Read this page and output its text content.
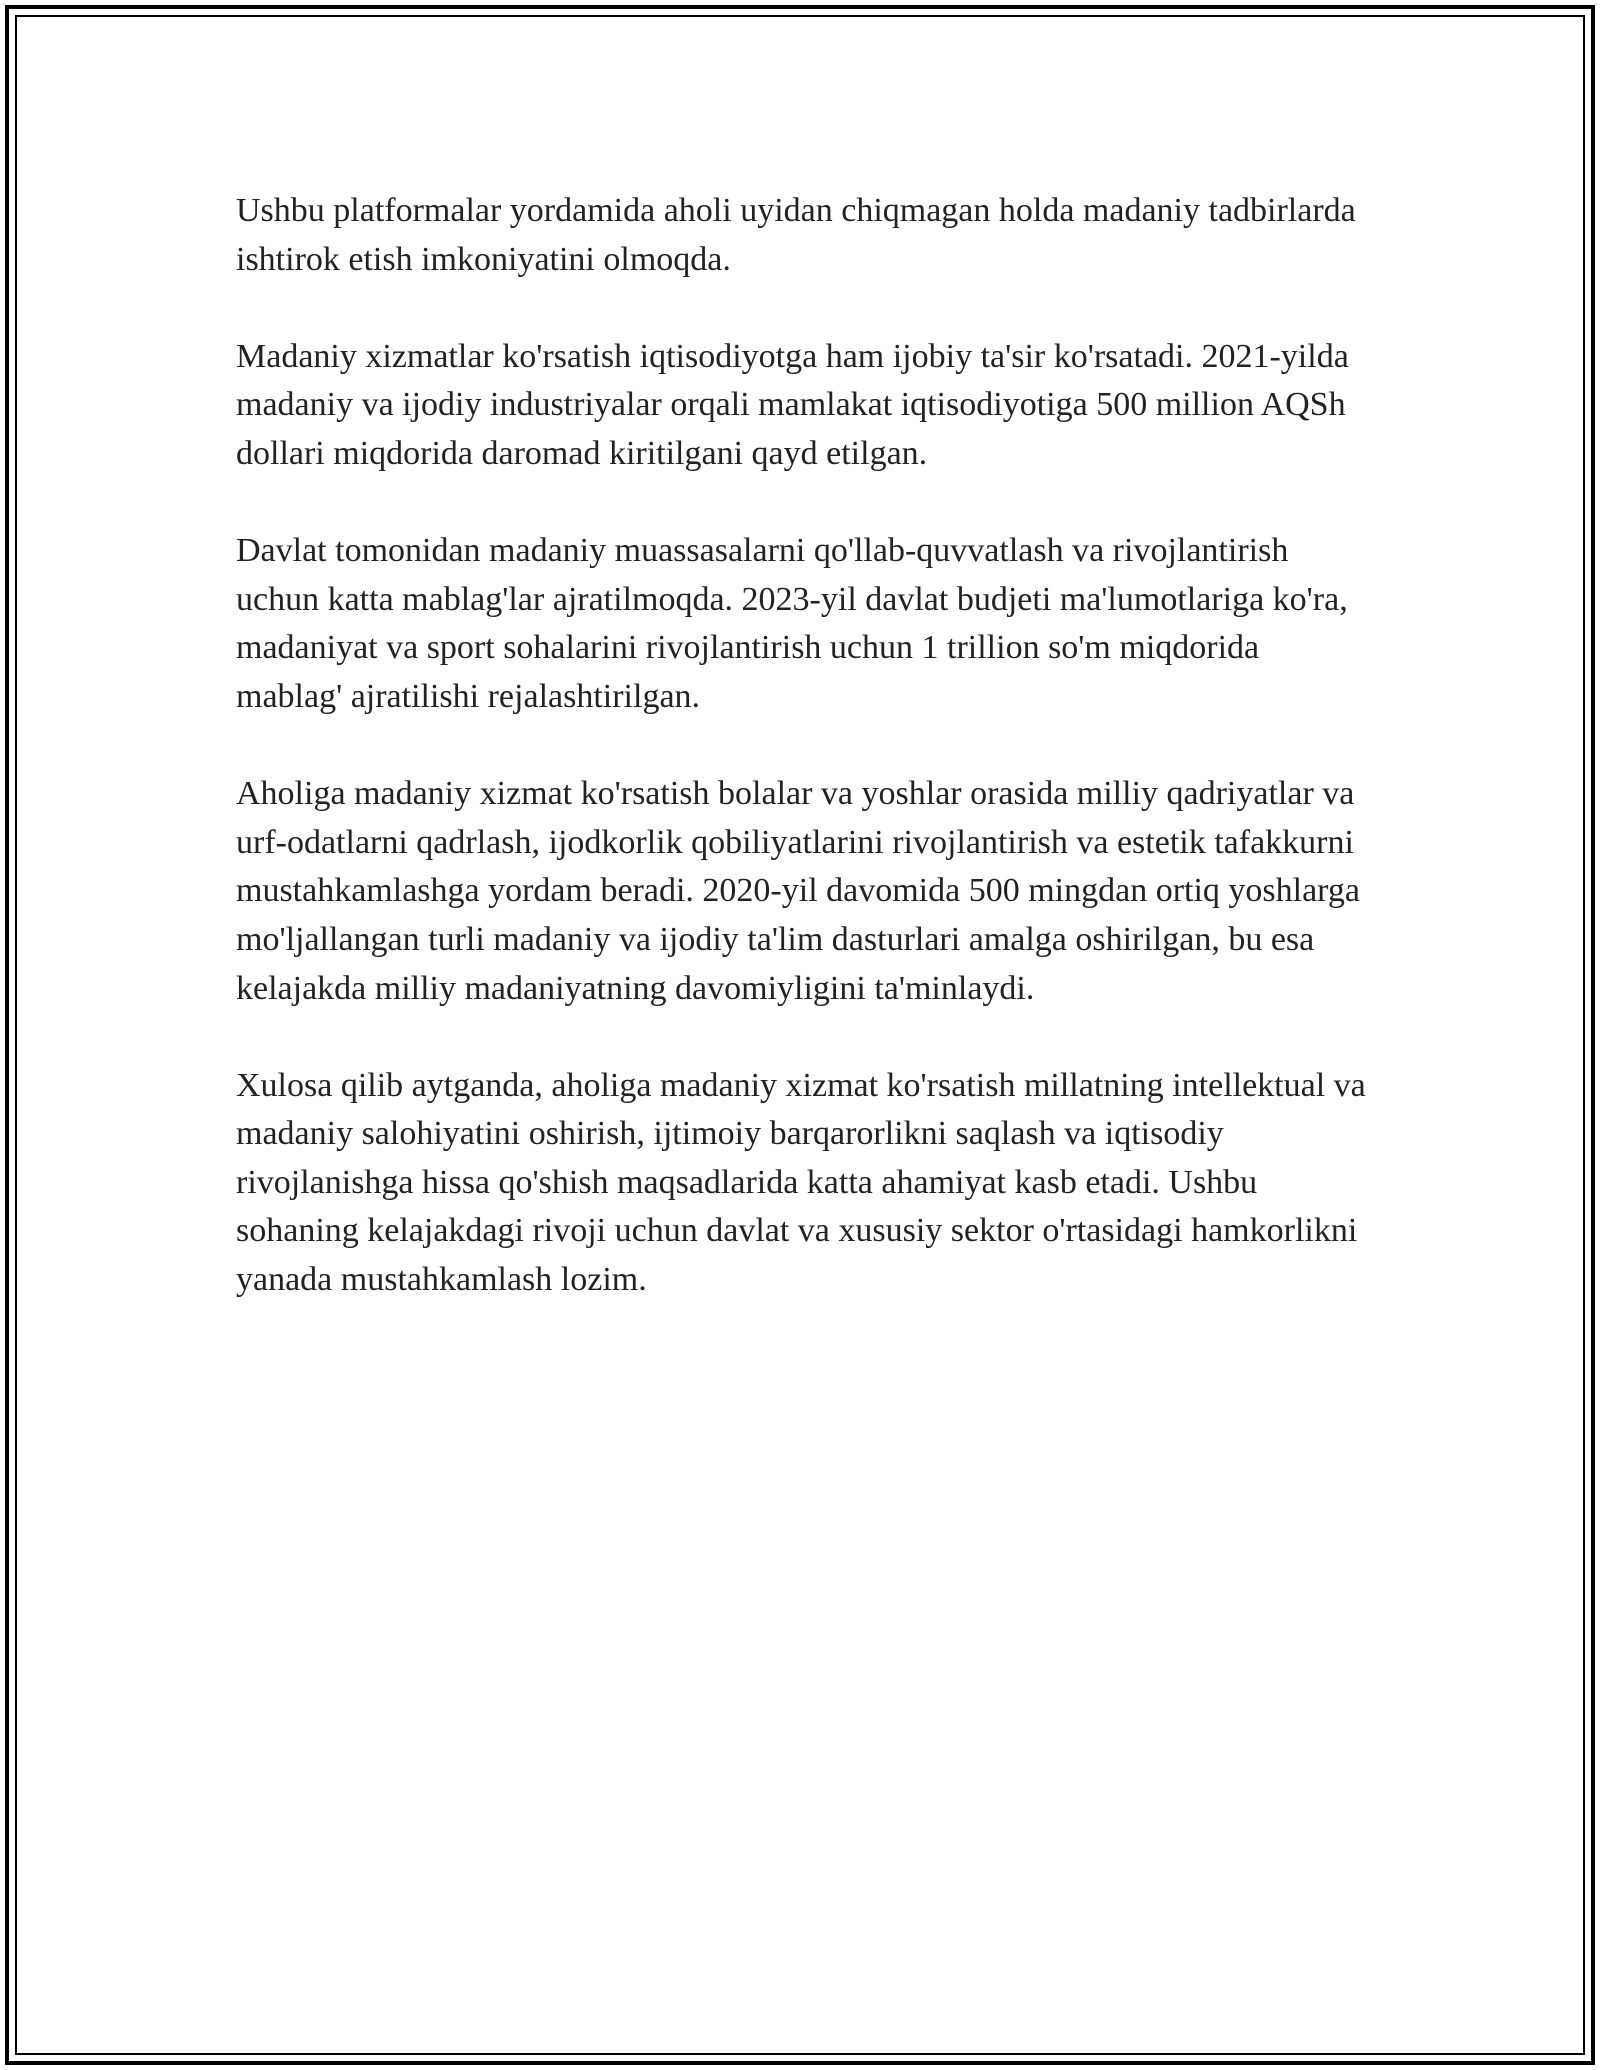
Ushbu platformalar yordamida aholi uyidan chiqmagan holda madaniy tadbirlarda ishtirok etish imkoniyatini olmoqda.

Madaniy xizmatlar ko'rsatish iqtisodiyotga ham ijobiy ta'sir ko'rsatadi. 2021-yilda madaniy va ijodiy industriyalar orqali mamlakat iqtisodiyotiga 500 million AQSh dollari miqdorida daromad kiritilgani qayd etilgan.

Davlat tomonidan madaniy muassasalarni qo'llab-quvvatlash va rivojlantirish uchun katta mablag'lar ajratilmoqda. 2023-yil davlat budjeti ma'lumotlariga ko'ra, madaniyat va sport sohalarini rivojlantirish uchun 1 trillion so'm miqdorida mablag' ajratilishi rejalashtirilgan.

Aholiga madaniy xizmat ko'rsatish bolalar va yoshlar orasida milliy qadriyatlar va urf-odatlarni qadrlash, ijodkorlik qobiliyatlarini rivojlantirish va estetik tafakkurni mustahkamlashga yordam beradi. 2020-yil davomida 500 mingdan ortiq yoshlarga mo'ljallangan turli madaniy va ijodiy ta'lim dasturlari amalga oshirilgan, bu esa kelajakda milliy madaniyatning davomiyligini ta'minlaydi.

Xulosa qilib aytganda, aholiga madaniy xizmat ko'rsatish millatning intellektual va madaniy salohiyatini oshirish, ijtimoiy barqarorlikni saqlash va iqtisodiy rivojlanishga hissa qo'shish maqsadlarida katta ahamiyat kasb etadi. Ushbu sohaning kelajakdagi rivoji uchun davlat va xususiy sektor o'rtasidagi hamkorlikni yanada mustahkamlash lozim.
